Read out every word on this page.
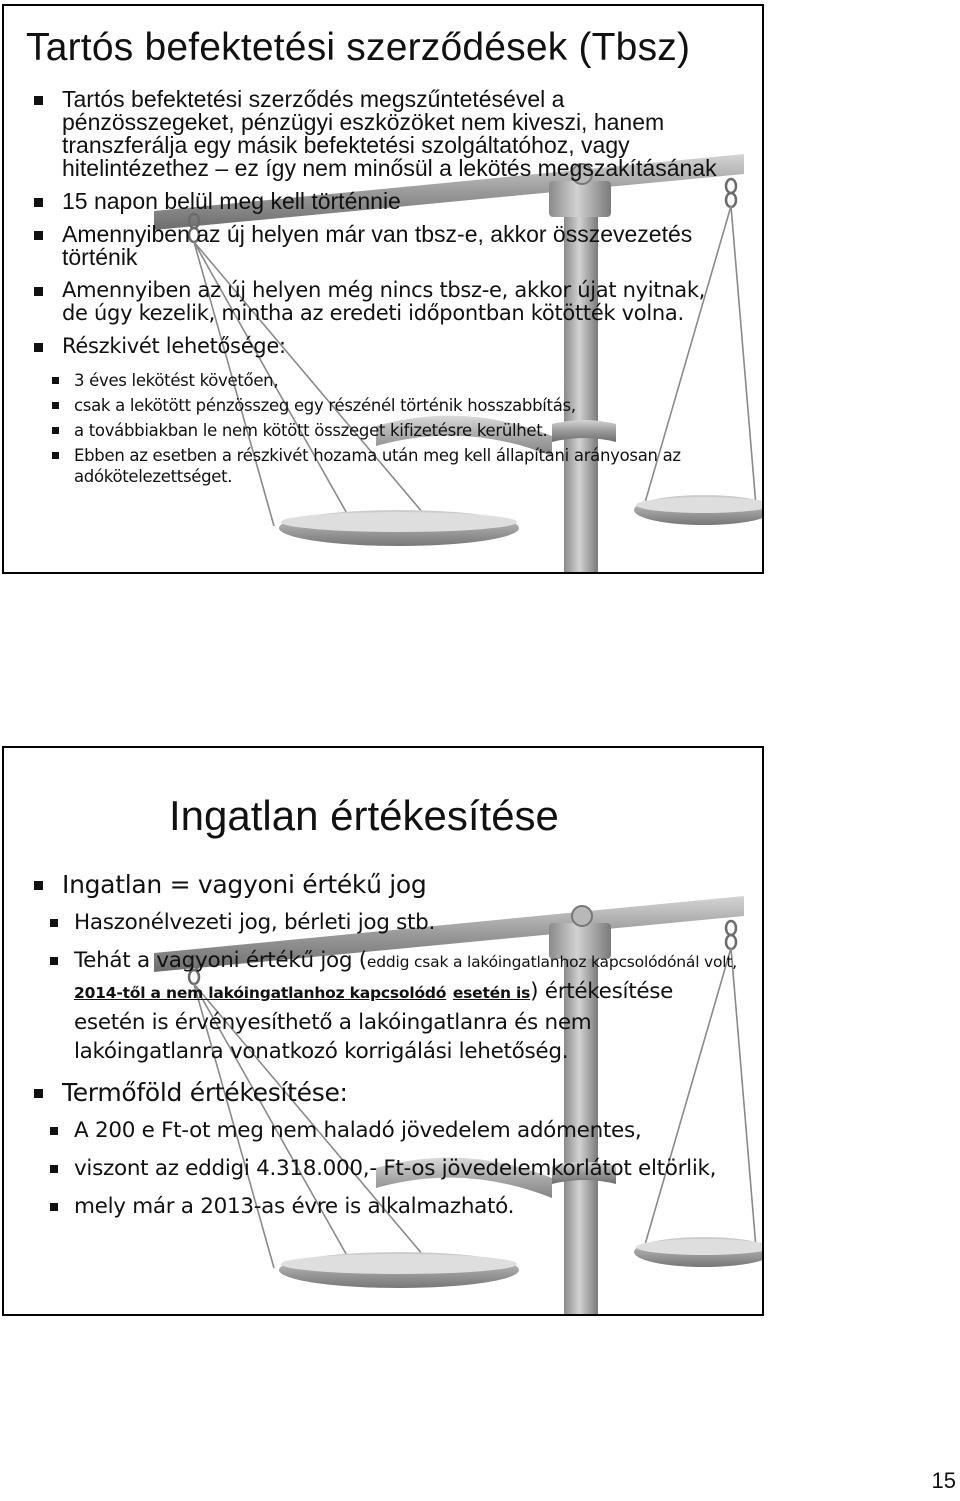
Tartós befektetési szerződések (Tbsz)
Tartós befektetési szerződés megszűntetésével a pénzösszegeket, pénzügyi eszközöket nem kiveszi, hanem transzferálja egy másik befektetési szolgáltatóhoz, vagy hitelintézethez – ez így nem minősül a lekötés megszakításának
15 napon belül meg kell történnie
Amennyiben az új helyen már van tbsz-e, akkor összevezetés történik
Amennyiben az új helyen még nincs tbsz-e, akkor újat nyitnak, de úgy kezelik, mintha az eredeti időpontban kötötték volna.
Részkivét lehetősége:
3 éves lekötést követően,
csak a lekötött pénzösszeg egy részénél történik hosszabbítás,
a továbbiakban le nem kötött összeget kifizetésre kerülhet.
Ebben az esetben a részkivét hozama után meg kell állapítani arányosan az adókötelezettséget.
Ingatlan értékesítése
Ingatlan = vagyoni értékű jog
Haszonélvezeti jog, bérleti jog stb.
Tehát a vagyoni értékű jog (eddig csak a lakóingatlanhoz kapcsolódónál volt, 2014-től a nem lakóingatlanhoz kapcsolódó esetén is) értékesítése esetén is érvényesíthető a lakóingatlanra és nem lakóingatlanra vonatkozó korrigálási lehetőség.
Termőföld értékesítése:
A 200 e Ft-ot meg nem haladó jövedelem adómentes,
viszont az eddigi 4.318.000,- Ft-os jövedelemkorlátot eltörlik,
mely már a 2013-as évre is alkalmazható.
15
